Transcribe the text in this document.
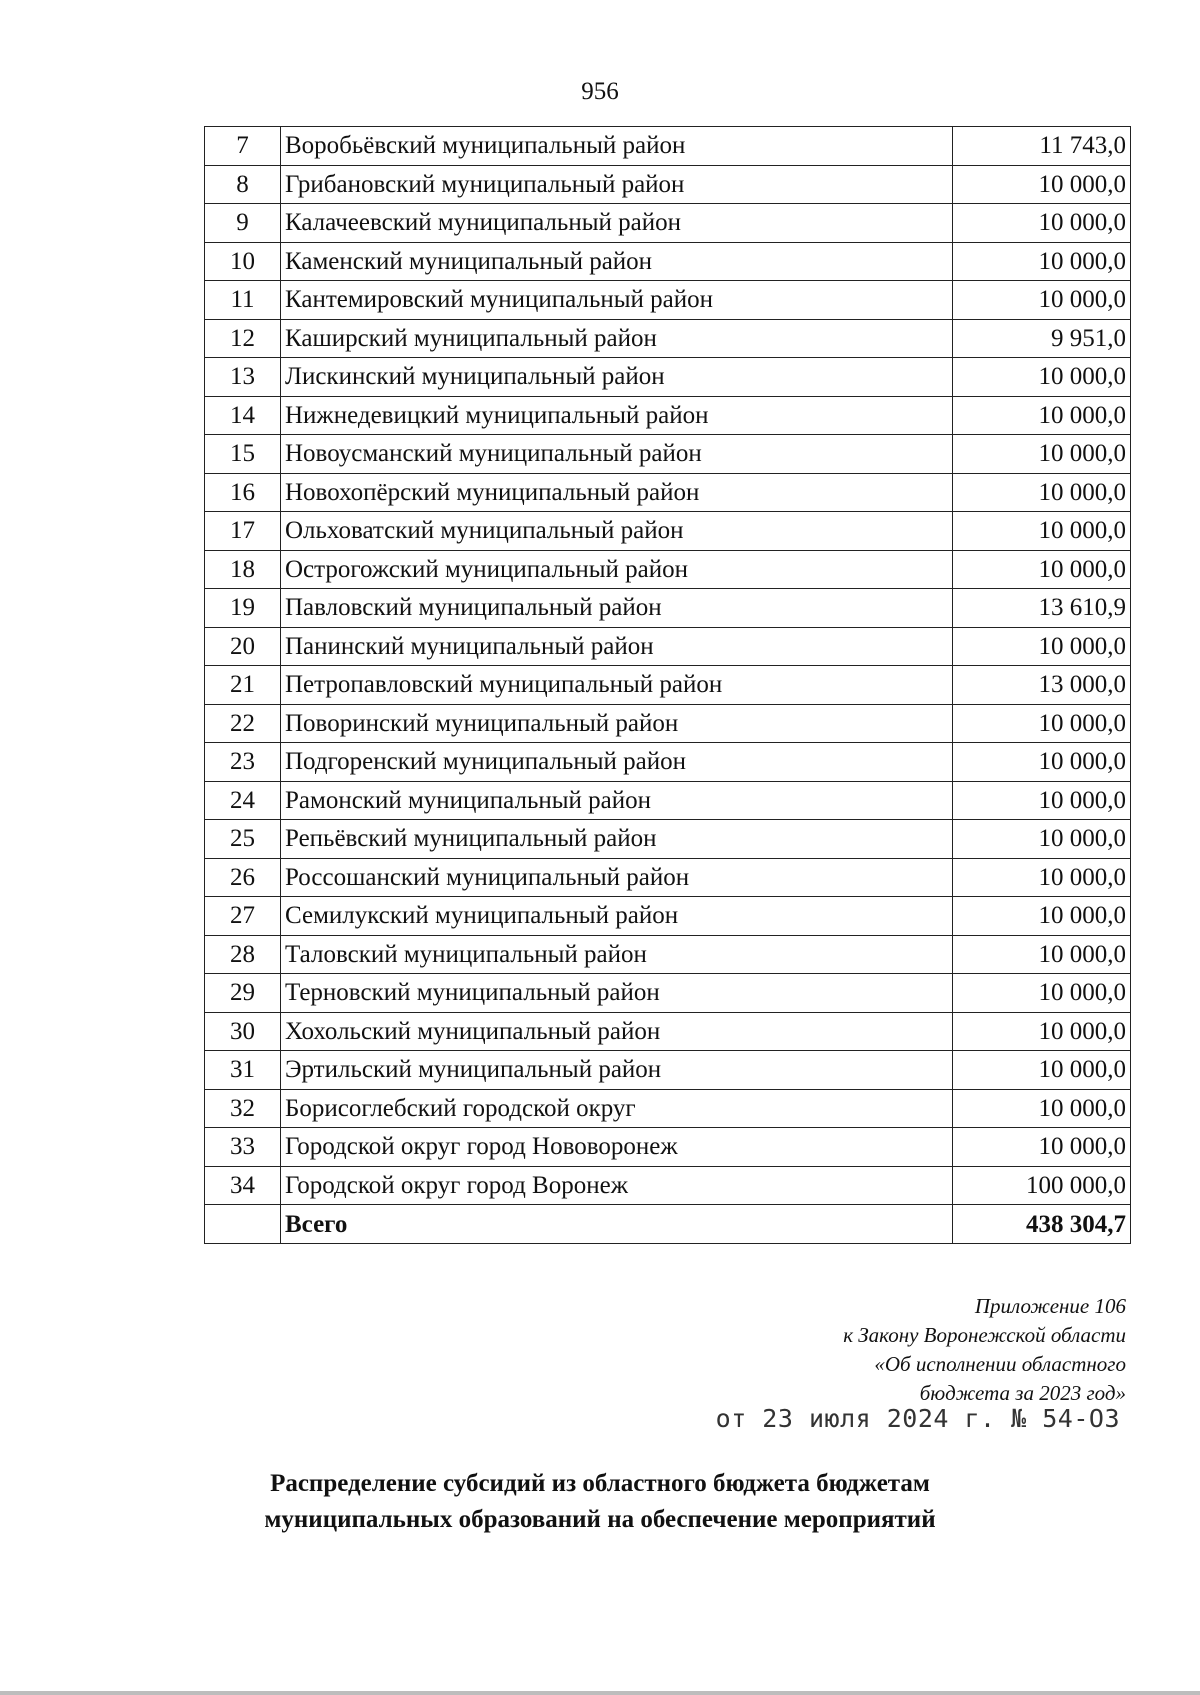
956
7	Воробьёвский муниципальный район	11 743,0
8	Грибановский муниципальный район	10 000,0
9	Калачеевский муниципальный район	10 000,0
10	Каменский муниципальный район	10 000,0
11	Кантемировский муниципальный район	10 000,0
12	Каширский муниципальный район	9 951,0
13	Лискинский муниципальный район	10 000,0
14	Нижнедевицкий муниципальный район	10 000,0
15	Новоусманский муниципальный район	10 000,0
16	Новохопёрский муниципальный район	10 000,0
17	Ольховатский муниципальный район	10 000,0
18	Острогожский муниципальный район	10 000,0
19	Павловский муниципальный район	13 610,9
20	Панинский муниципальный район	10 000,0
21	Петропавловский муниципальный район	13 000,0
22	Поворинский муниципальный район	10 000,0
23	Подгоренский муниципальный район	10 000,0
24	Рамонский муниципальный район	10 000,0
25	Репьёвский муниципальный район	10 000,0
26	Россошанский муниципальный район	10 000,0
27	Семилукский муниципальный район	10 000,0
28	Таловский муниципальный район	10 000,0
29	Терновский муниципальный район	10 000,0
30	Хохольский муниципальный район	10 000,0
31	Эртильский муниципальный район	10 000,0
32	Борисоглебский городской округ	10 000,0
33	Городской округ город Нововоронеж	10 000,0
34	Городской округ город Воронеж	100 000,0
	Всего	438 304,7
Приложение 106
к Закону Воронежской области
«Об исполнении областного
бюджета за 2023 год»
от 23 июля 2024 г. № 54-ОЗ
Распределение субсидий из областного бюджета бюджетам
муниципальных образований на обеспечение мероприятий
